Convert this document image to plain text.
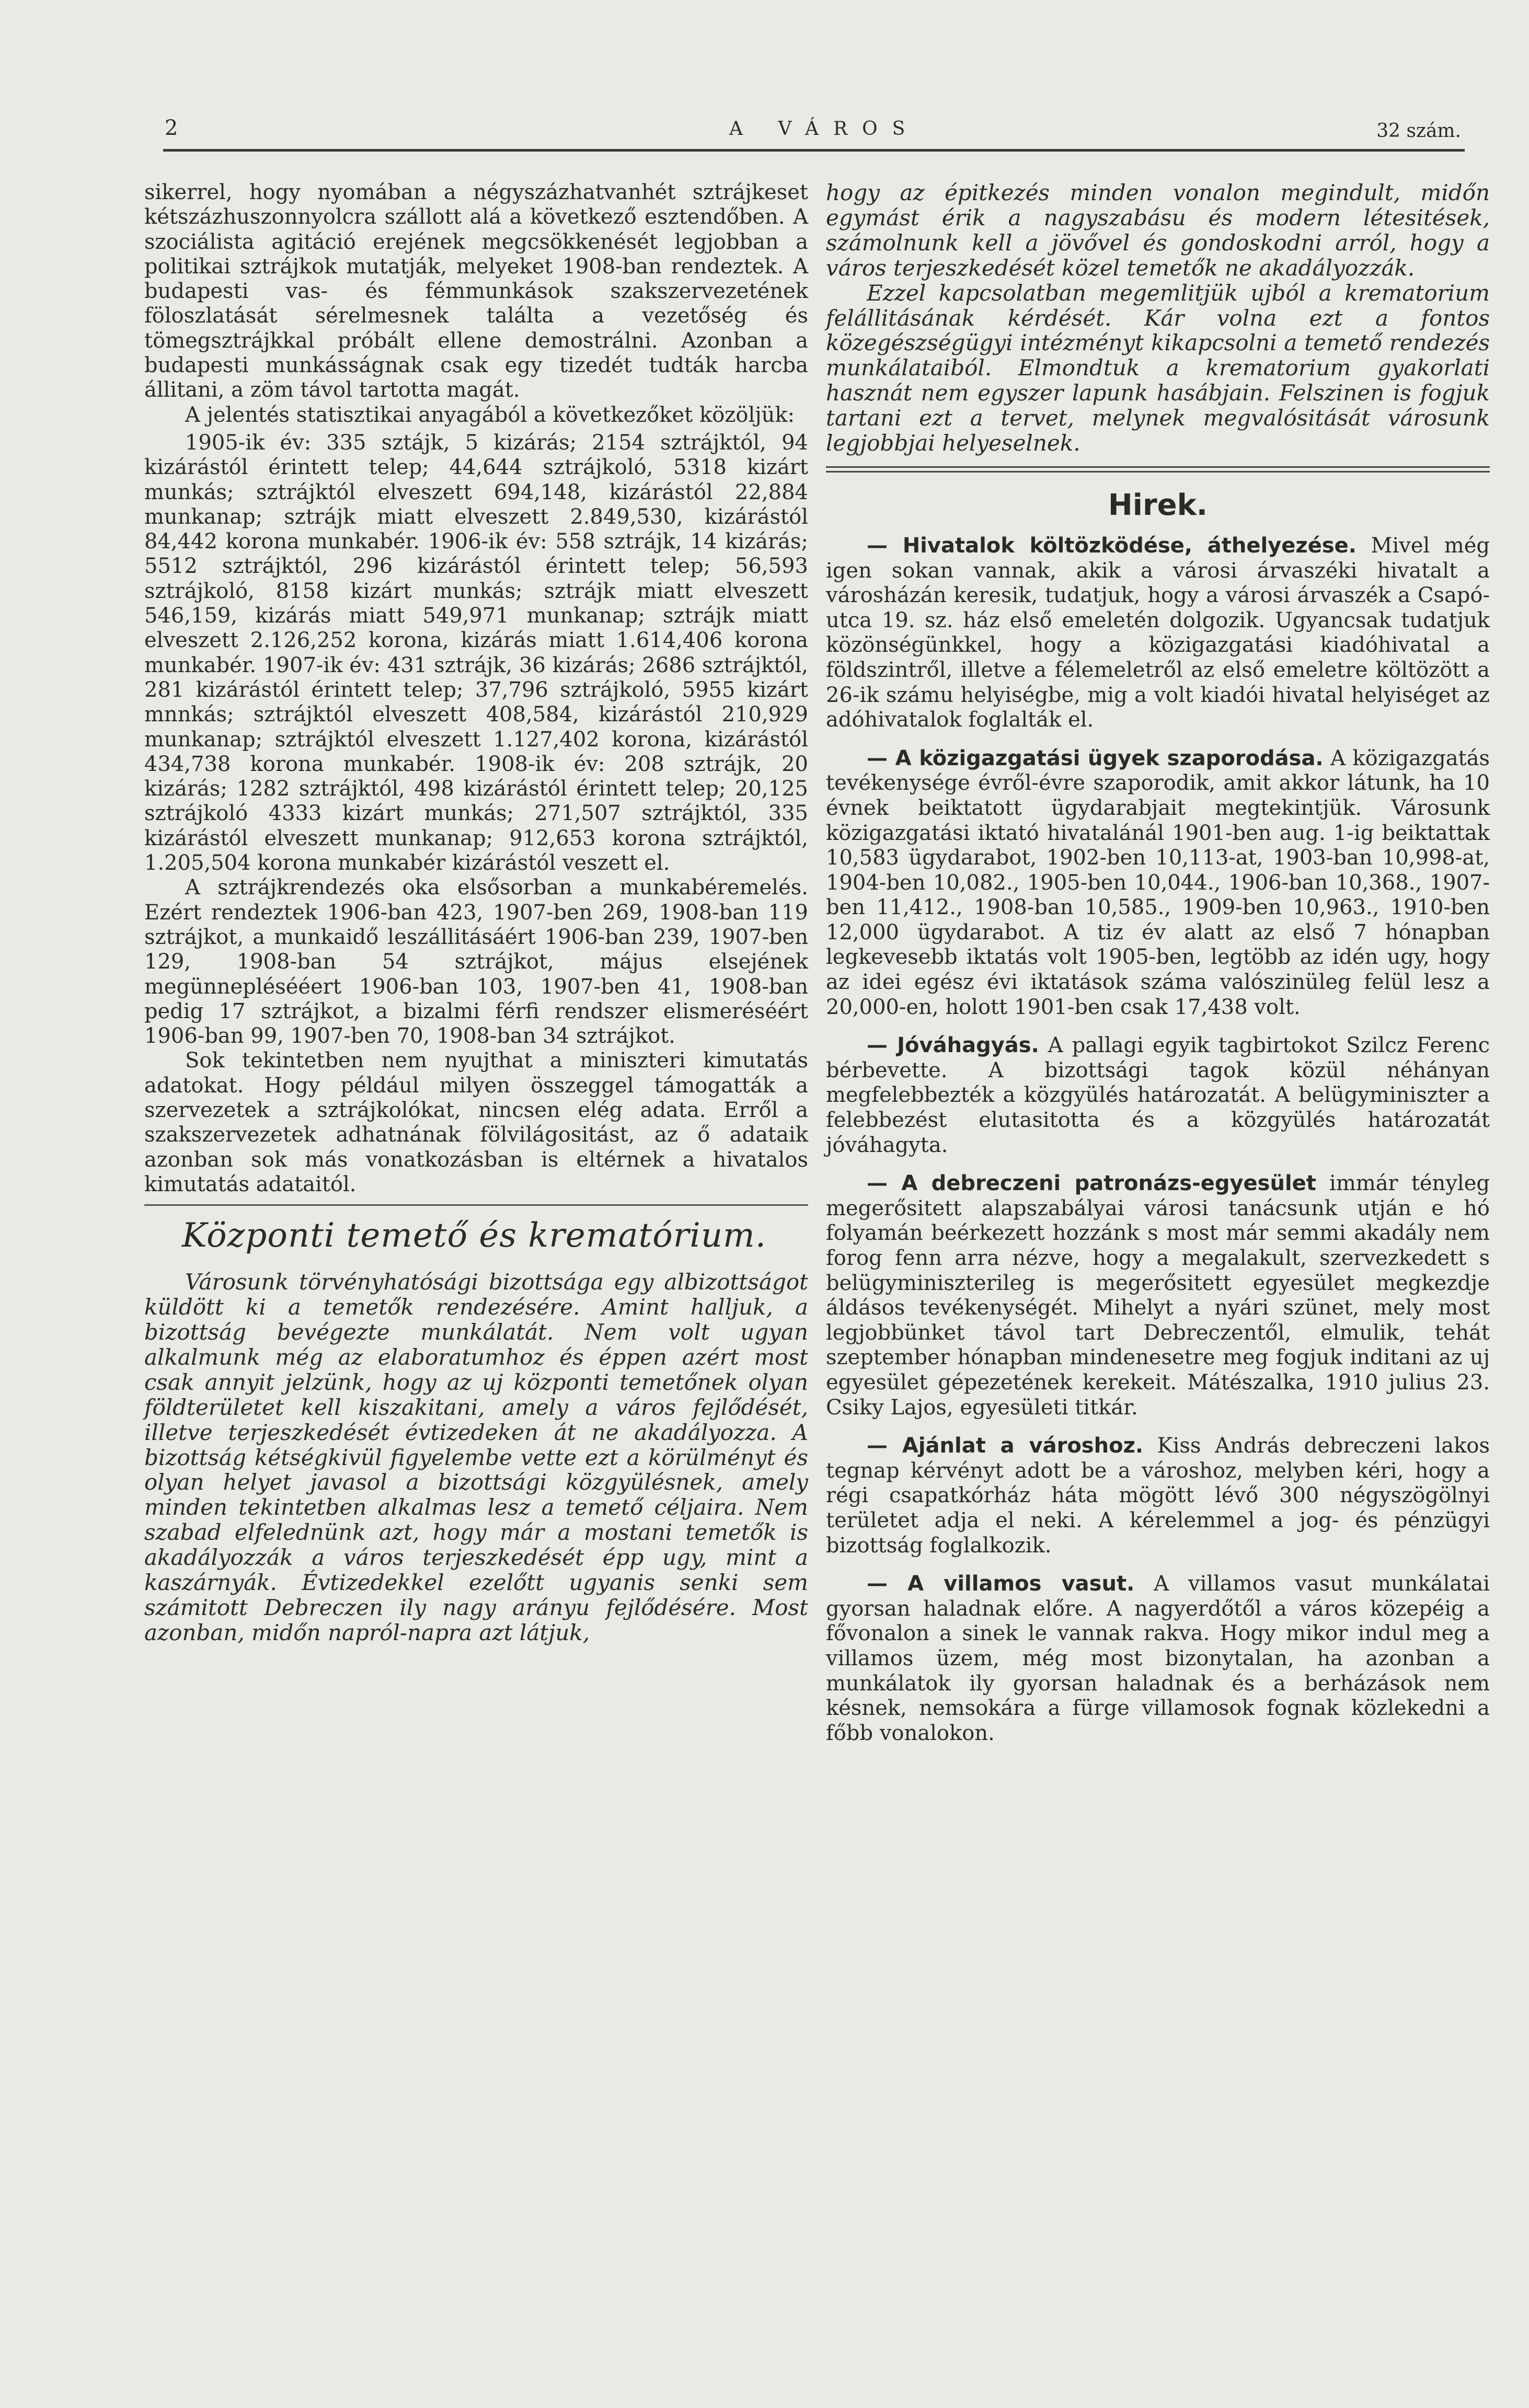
2	A VÁROS	32 szám.

sikerrel, hogy nyomában a négyszázhatvanhét sztrájkeset kétszázhuszonnyolcra szállott alá a következő esztendőben. A szociálista agitáció erejének megcsökkenését legjobban a politikai sztrájkok mutatják, melyeket 1908-ban rendeztek. A budapesti vas- és fémmunkások szakszervezetének föloszlatását sérelmesnek találta a vezetőség és tömegsztrájkkal próbált ellene demostrálni. Azonban a budapesti munkásságnak csak egy tizedét tudták harcba állitani, a zöm távol tartotta magát.

A jelentés statisztikai anyagából a következőket közöljük:

1905-ik év: 335 sztájk, 5 kizárás; 2154 sztrájktól, 94 kizárástól érintett telep; 44,644 sztrájkoló, 5318 kizárt munkás; sztrájktól elveszett 694,148, kizárástól 22,884 munkanap; sztrájk miatt elveszett 2.849,530, kizárástól 84,442 korona munkabér. 1906-ik év: 558 sztrájk, 14 kizárás; 5512 sztrájktól, 296 kizárástól érintett telep; 56,593 sztrájkoló, 8158 kizárt munkás; sztrájk miatt elveszett 546,159, kizárás miatt 549,971 munkanap; sztrájk miatt elveszett 2.126,252 korona, kizárás miatt 1.614,406 korona munkabér. 1907-ik év: 431 sztrájk, 36 kizárás; 2686 sztrájktól, 281 kizárástól érintett telep; 37,796 sztrájkoló, 5955 kizárt mnnkás; sztrájktól elveszett 408,584, kizárástól 210,929 munkanap; sztrájktól elveszett 1.127,402 korona, kizárástól 434,738 korona munkabér. 1908-ik év: 208 sztrájk, 20 kizárás; 1282 sztrájktól, 498 kizárástól érintett telep; 20,125 sztrájkoló 4333 kizárt munkás; 271,507 sztrájktól, 335 kizárástól elveszett munkanap; 912,653 korona sztrájktól, 1.205,504 korona munkabér kizárástól veszett el.

A sztrájkrendezés oka elsősorban a munkabéremelés. Ezért rendeztek 1906-ban 423, 1907-ben 269, 1908-ban 119 sztrájkot, a munkaidő leszállitásáért 1906-ban 239, 1907-ben 129, 1908-ban 54 sztrájkot, május elsejének megünneplésééert 1906-ban 103, 1907-ben 41, 1908-ban pedig 17 sztrájkot, a bizalmi férfi rendszer elismeréséért 1906-ban 99, 1907-ben 70, 1908-ban 34 sztrájkot.

Sok tekintetben nem nyujthat a miniszteri kimutatás adatokat. Hogy például milyen összeggel támogatták a szervezetek a sztrájkolókat, nincsen elég adata. Erről a szakszervezetek adhatnának fölvilágositást, az ő adataik azonban sok más vonatkozásban is eltérnek a hivatalos kimutatás adataitól.

Központi temető és krematórium.

Városunk törvényhatósági bizottsága egy albizottságot küldött ki a temetők rendezésére. Amint halljuk, a bizottság bevégezte munkálatát. Nem volt ugyan alkalmunk még az elaboratumhoz és éppen azért most csak annyit jelzünk, hogy az uj központi temetőnek olyan földterületet kell kiszakitani, amely a város fejlődését, illetve terjeszkedését évtizedeken át ne akadályozza. A bizottság kétségkivül figyelembe vette ezt a körülményt és olyan helyet javasol a bizottsági közgyülésnek, amely minden tekintetben alkalmas lesz a temető céljaira. Nem szabad elfelednünk azt, hogy már a mostani temetők is akadályozzák a város terjeszkedését épp ugy, mint a kaszárnyák. Évtizedekkel ezelőtt ugyanis senki sem számitott Debreczen ily nagy arányu fejlődésére. Most azonban, midőn napról-napra azt látjuk,

hogy az épitkezés minden vonalon megindult, midőn egymást érik a nagyszabásu és modern létesitések, számolnunk kell a jövővel és gondoskodni arról, hogy a város terjeszkedését közel temetők ne akadályozzák.

Ezzel kapcsolatban megemlitjük ujból a krematorium felállitásának kérdését. Kár volna ezt a fontos közegészségügyi intézményt kikapcsolni a temető rendezés munkálataiból. Elmondtuk a krematorium gyakorlati hasznát nem egyszer lapunk hasábjain. Felszinen is fogjuk tartani ezt a tervet, melynek megvalósitását városunk legjobbjai helyeselnek.

Hirek.

— Hivatalok költözködése, áthelyezése. Mivel még igen sokan vannak, akik a városi árvaszéki hivatalt a városházán keresik, tudatjuk, hogy a városi árvaszék a Csapó-utca 19. sz. ház első emeletén dolgozik. Ugyancsak tudatjuk közönségünkkel, hogy a közigazgatási kiadóhivatal a földszintről, illetve a félemeletről az első emeletre költözött a 26-ik számu helyiségbe, mig a volt kiadói hivatal helyiséget az adóhivatalok foglalták el.

— A közigazgatási ügyek szaporodása. A közigazgatás tevékenysége évről-évre szaporodik, amit akkor látunk, ha 10 évnek beiktatott ügydarabjait megtekintjük. Városunk közigazgatási iktató hivatalánál 1901-ben aug. 1-ig beiktattak 10,583 ügydarabot, 1902-ben 10,113-at, 1903-ban 10,998-at, 1904-ben 10,082., 1905-ben 10,044., 1906-ban 10,368., 1907-ben 11,412., 1908-ban 10,585., 1909-ben 10,963., 1910-ben 12,000 ügydarabot. A tiz év alatt az első 7 hónapban legkevesebb iktatás volt 1905-ben, legtöbb az idén ugy, hogy az idei egész évi iktatások száma valószinüleg felül lesz a 20,000-en, holott 1901-ben csak 17,438 volt.

— Jóváhagyás. A pallagi egyik tagbirtokot Szilcz Ferenc bérbevette. A bizottsági tagok közül néhányan megfelebbezték a közgyülés határozatát. A belügyminiszter a felebbezést elutasitotta és a közgyülés határozatát jóváhagyta.

— A debreczeni patronázs-egyesület immár tényleg megerősitett alapszabályai városi tanácsunk utján e hó folyamán beérkezett hozzánk s most már semmi akadály nem forog fenn arra nézve, hogy a megalakult, szervezkedett s belügyminiszterileg is megerősitett egyesület megkezdje áldásos tevékenységét. Mihelyt a nyári szünet, mely most legjobbünket távol tart Debreczentől, elmulik, tehát szeptember hónapban mindenesetre meg fogjuk inditani az uj egyesület gépezetének kerekeit. Mátészalka, 1910 julius 23. Csiky Lajos, egyesületi titkár.

— Ajánlat a városhoz. Kiss András debreczeni lakos tegnap kérvényt adott be a városhoz, melyben kéri, hogy a régi csapatkórház háta mögött lévő 300 négyszögölnyi területet adja el neki. A kérelemmel a jog- és pénzügyi bizottság foglalkozik.

— A villamos vasut. A villamos vasut munkálatai gyorsan haladnak előre. A nagyerdőtől a város közepéig a fővonalon a sinek le vannak rakva. Hogy mikor indul meg a villamos üzem, még most bizonytalan, ha azonban a munkálatok ily gyorsan haladnak és a berházások nem késnek, nemsokára a fürge villamosok fognak közlekedni a főbb vonalokon.
